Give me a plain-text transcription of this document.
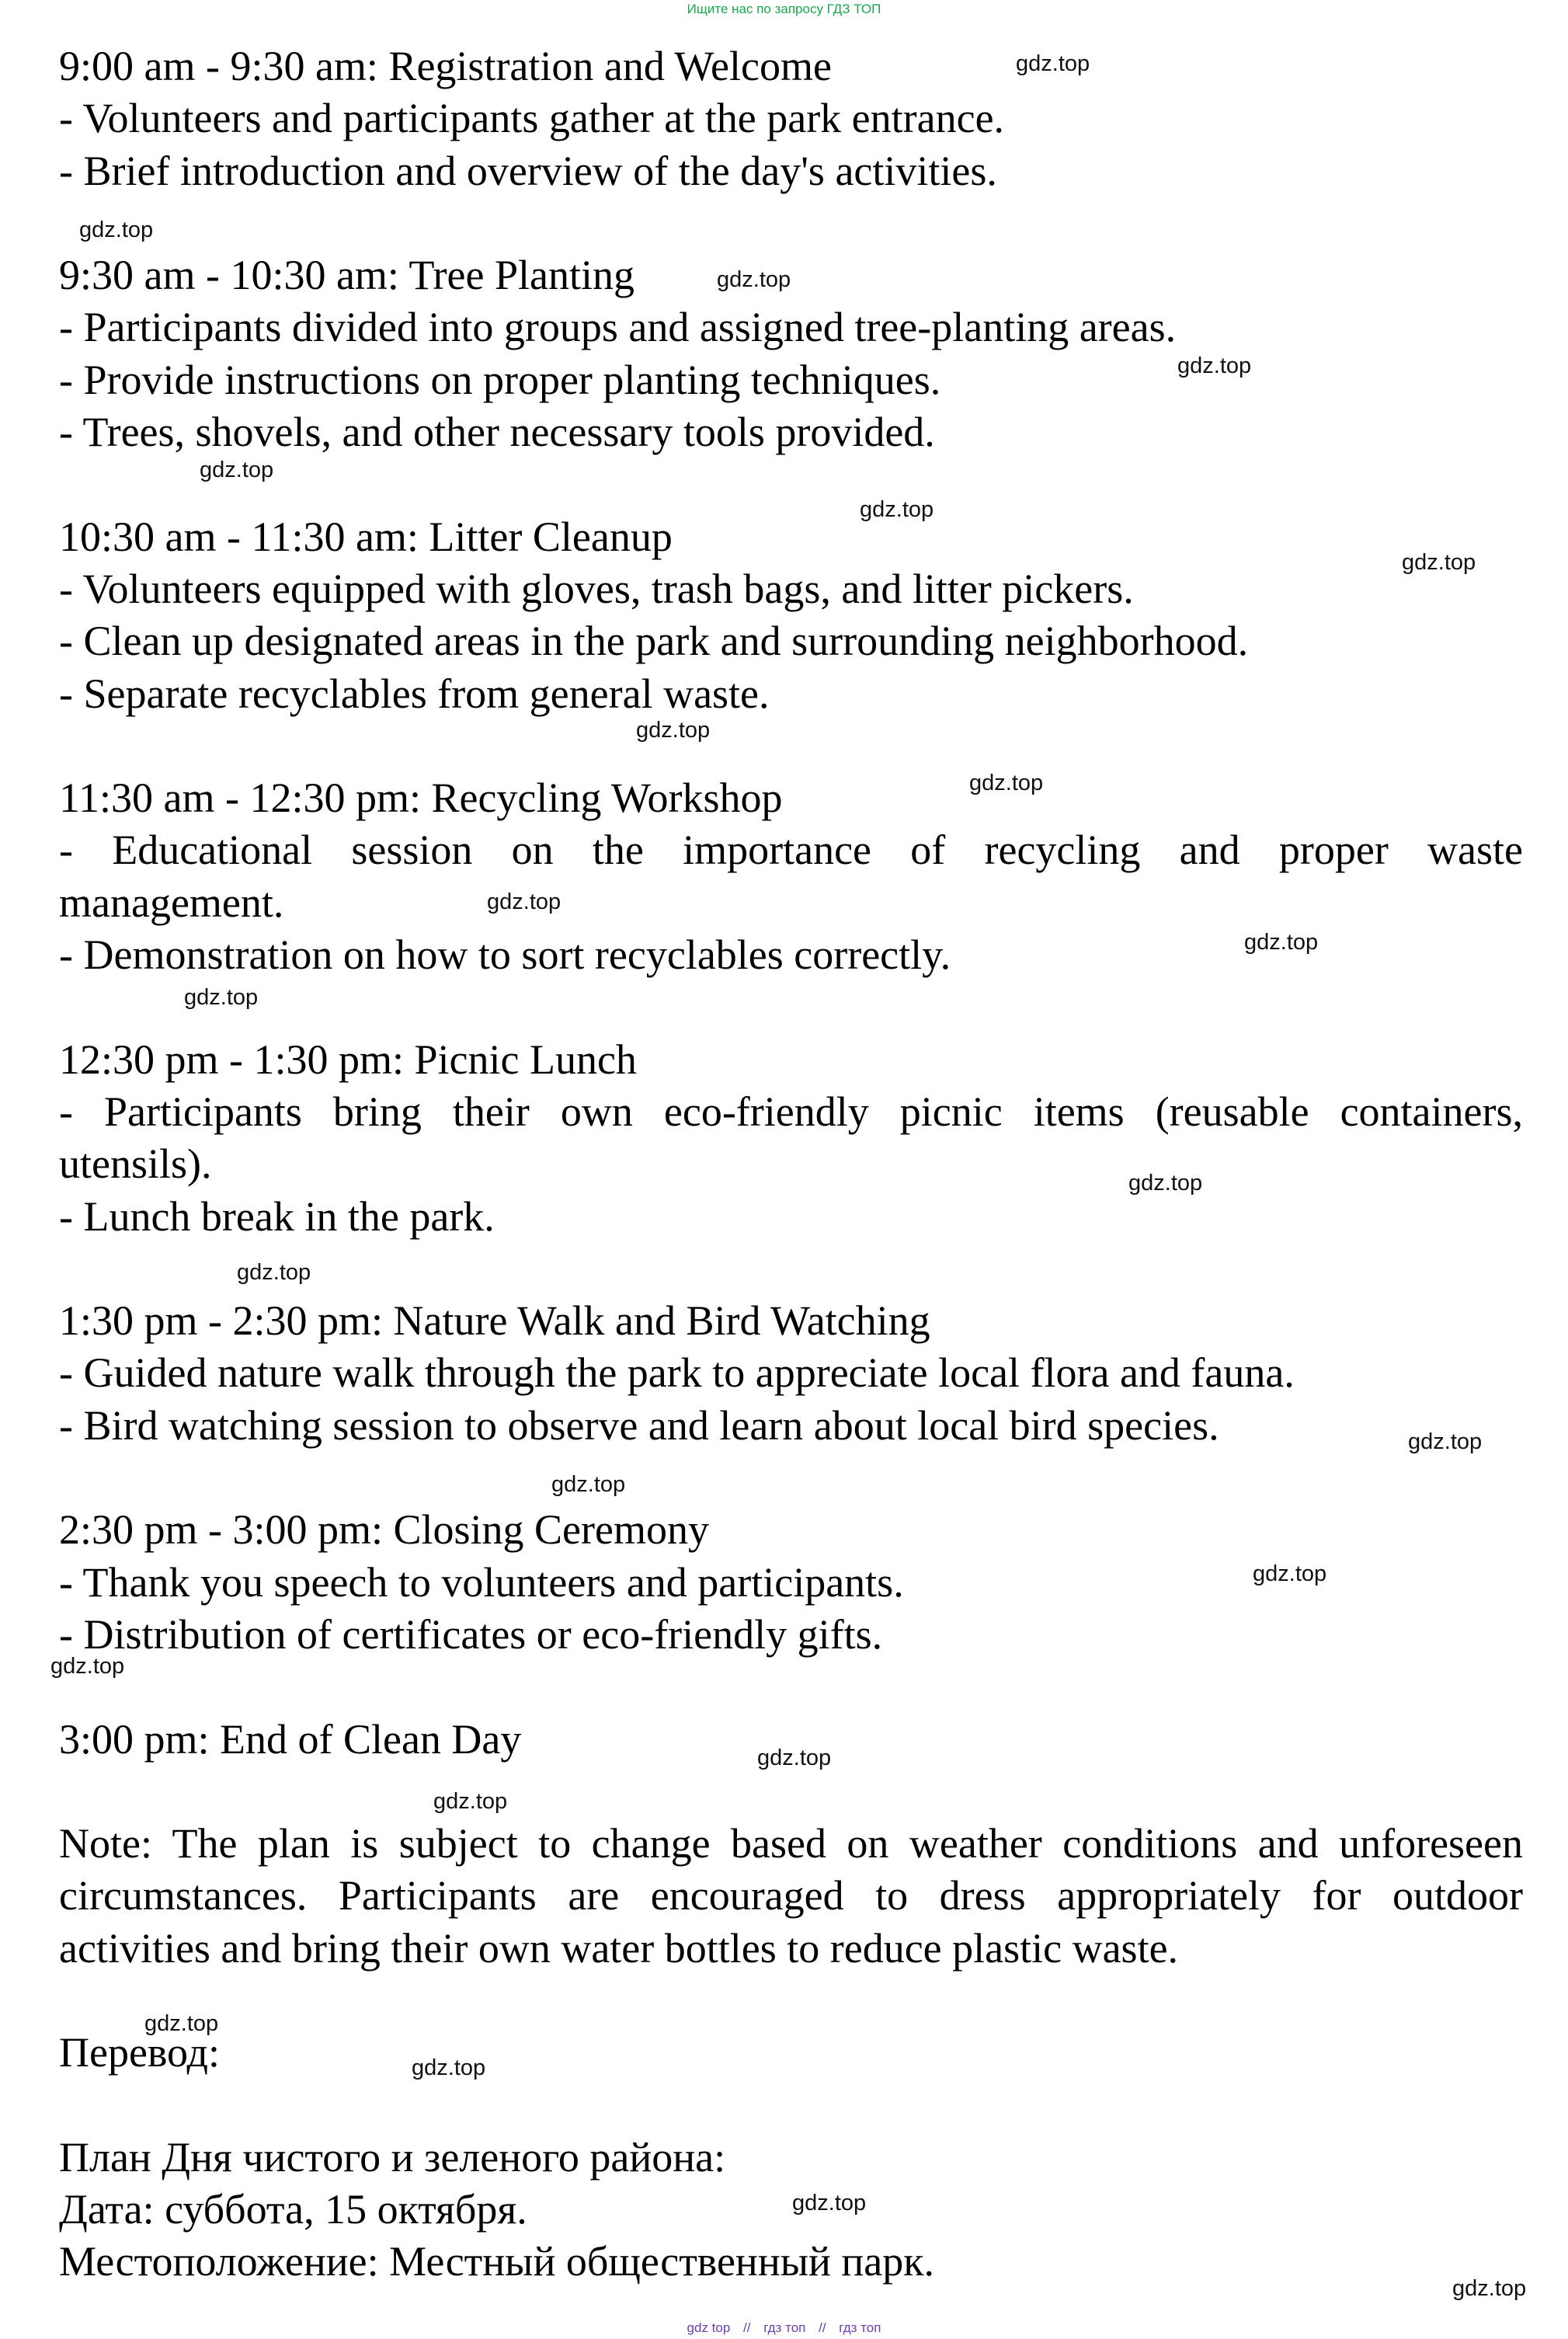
Ищите нас по запросу ГДЗ ТОП
9:00 am - 9:30 am: Registration and Welcome
- Volunteers and participants gather at the park entrance.
- Brief introduction and overview of the day's activities.
9:30 am - 10:30 am: Tree Planting
- Participants divided into groups and assigned tree-planting areas.
- Provide instructions on proper planting techniques.
- Trees, shovels, and other necessary tools provided.
10:30 am - 11:30 am: Litter Cleanup
- Volunteers equipped with gloves, trash bags, and litter pickers.
- Clean up designated areas in the park and surrounding neighborhood.
- Separate recyclables from general waste.
11:30 am - 12:30 pm: Recycling Workshop
- Educational session on the importance of recycling and proper waste
management.
- Demonstration on how to sort recyclables correctly.
12:30 pm - 1:30 pm: Picnic Lunch
- Participants bring their own eco-friendly picnic items (reusable containers,
utensils).
- Lunch break in the park.
1:30 pm - 2:30 pm: Nature Walk and Bird Watching
- Guided nature walk through the park to appreciate local flora and fauna.
- Bird watching session to observe and learn about local bird species.
2:30 pm - 3:00 pm: Closing Ceremony
- Thank you speech to volunteers and participants.
- Distribution of certificates or eco-friendly gifts.
3:00 pm: End of Clean Day
Note: The plan is subject to change based on weather conditions and unforeseen
circumstances. Participants are encouraged to dress appropriately for outdoor
activities and bring their own water bottles to reduce plastic waste.
Перевод:
План Дня чистого и зеленого района:
Дата: суббота, 15 октября.
Местоположение: Местный общественный парк.
gdz.top
gdz.top
gdz.top
gdz.top
gdz.top
gdz.top
gdz.top
gdz.top
gdz.top
gdz.top
gdz.top
gdz.top
gdz.top
gdz.top
gdz.top
gdz.top
gdz.top
gdz.top
gdz.top
gdz.top
gdz.top
gdz.top
gdz.top
gdz.top
gdz top // гдз топ // гдз топ
